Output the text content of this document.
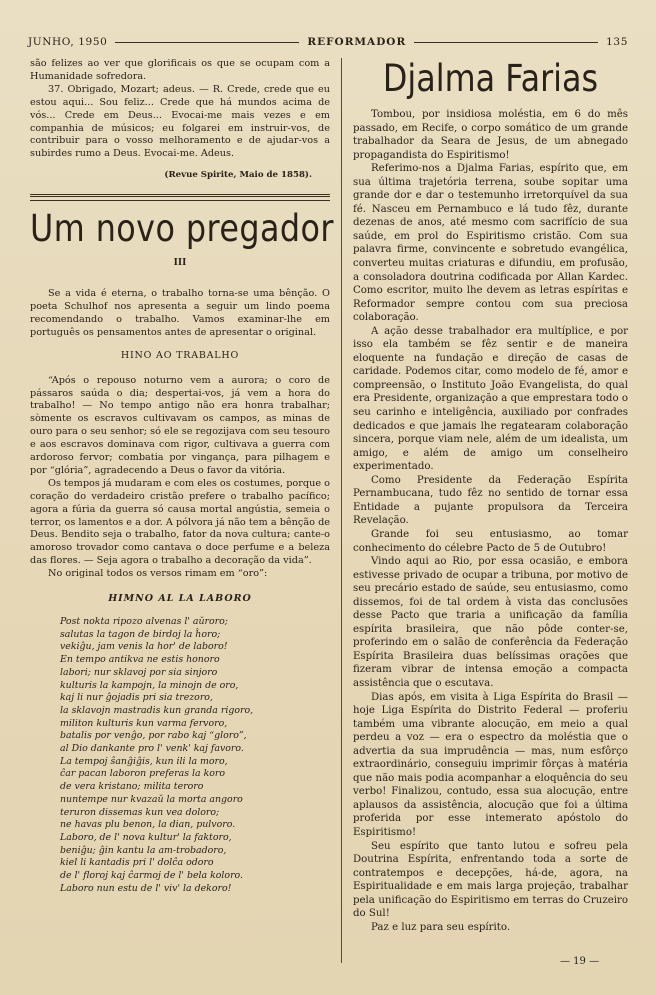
JUNHO, 1950	REFORMADOR	135

são felizes ao ver que glorificais os que se ocupam com a Humanidade sofredora.

37. Obrigado, Mozart; adeus. — R. Crede, crede que eu estou aqui... Sou feliz... Crede que há mundos acima de vós... Crede em Deus... Evocai-me mais vezes e em companhia de músicos; eu folgarei em instruir-vos, de contribuir para o vosso melhoramento e de ajudar-vos a subirdes rumo a Deus. Evocai-me. Adeus.

(Revue Spirite, Maio de 1858).
Um novo pregador
III

Se a vida é eterna, o trabalho torna-se uma bênção. O poeta Schulhof nos apresenta a seguir um lindo poema recomendando o trabalho. Vamos examinar-lhe em português os pensamentos antes de apresentar o original.

HINO AO TRABALHO

“Após o repouso noturno vem a aurora; o coro de pássaros saúda o dia; despertai-vos, já vem a hora do trabalho! — No tempo antigo não era honra trabalhar; sòmente os escravos cultivavam os campos, as minas de ouro para o seu senhor; só ele se regozijava com seu tesouro e aos escravos dominava com rigor, cultivava a guerra com ardoroso fervor; combatia por vingança, para pilhagem e por “glória”, agradecendo a Deus o favor da vitória.

Os tempos já mudaram e com eles os costumes, porque o coração do verdadeiro cristão prefere o trabalho pacífico; agora a fúria da guerra só causa mortal angústia, semeia o terror, os lamentos e a dor. A pólvora já não tem a bênção de Deus. Bendito seja o trabalho, fator da nova cultura; cante-o amoroso trovador como cantava o doce perfume e a beleza das flores. — Seja agora o trabalho a decoração da vida”.

No original todos os versos rimam em “oro”:

HIMNO AL LA LABORO
Post nokta ripozo alvenas l' aŭroro;
salutas la tagon de birdoj la ĥoro;
vekiĝu, jam venis la hor' de laboro!
En tempo antikva ne estis honoro
labori; nur sklavoj por sia sinjoro
kulturis la kampojn, la minojn de oro,
kaj li nur ĝojadis pri sia trezoro,
la sklavojn mastradis kun granda rigoro,
militon kulturis kun varma fervoro,
batalis por venĝo, por rabo kaj “gloro”,
al Dio dankante pro l' venk' kaj favoro.
La tempoj ŝanĝiĝis, kun ili la moro,
ĉar pacan laboron preferas la koro
de vera kristano; milita teroro
nuntempe nur kvazaŭ la morta angoro
teruron dissemas kun vea doloro;
ne havas plu benon, la dian, pulvoro.
Laboro, de l' nova kultur' la faktoro,
beniĝu; ĝin kantu la am-trobadoro,
kiel li kantadis pri l' dolĉa odoro
de l' floroj kaj ĉarmoj de l' bela koloro.
Laboro nun estu de l' viv' la dekoro!
Djalma Farias

Tombou, por insidiosa moléstia, em 6 do mês passado, em Recife, o corpo somático de um grande trabalhador da Seara de Jesus, de um abnegado propagandista do Espiritismo!

Referimo-nos a Djalma Farias, espírito que, em sua última trajetória terrena, soube sopitar uma grande dor e dar o testemunho irretorquível da sua fé. Nasceu em Pernambuco e lá tudo fêz, durante dezenas de anos, até mesmo com sacrifício de sua saúde, em prol do Espiritismo cristão. Com sua palavra firme, convincente e sobretudo evangélica, converteu muitas criaturas e difundiu, em profusão, a consoladora doutrina codificada por Allan Kardec. Como escritor, muito lhe devem as letras espíritas e Reformador sempre contou com sua preciosa colaboração.

A ação desse trabalhador era multíplice, e por isso ela também se fêz sentir e de maneira eloquente na fundação e direção de casas de caridade. Podemos citar, como modelo de fé, amor e compreensão, o Instituto João Evangelista, do qual era Presidente, organização a que emprestara todo o seu carinho e inteligência, auxiliado por confrades dedicados e que jamais lhe regatearam colaboração sincera, porque viam nele, além de um idealista, um amigo, e além de amigo um conselheiro experimentado.

Como Presidente da Federação Espírita Pernambucana, tudo fêz no sentido de tornar essa Entidade a pujante propulsora da Terceira Revelação.

Grande foi seu entusiasmo, ao tomar conhecimento do célebre Pacto de 5 de Outubro!

Vindo aqui ao Rio, por essa ocasião, e embora estivesse privado de ocupar a tribuna, por motivo de seu precário estado de saúde, seu entusiasmo, como dissemos, foi de tal ordem à vista das conclusões desse Pacto que traria a unificação da família espírita brasileira, que não pôde conter-se, proferindo em o salão de conferência da Federação Espírita Brasileira duas belíssimas orações que fizeram vibrar de intensa emoção a compacta assistência que o escutava.

Dias após, em visita à Liga Espírita do Brasil — hoje Liga Espírita do Distrito Federal — proferiu também uma vibrante alocução, em meio a qual perdeu a voz — era o espectro da moléstia que o advertia da sua imprudência — mas, num esfôrço extraordinário, conseguiu imprimir fôrças à matéria que não mais podia acompanhar a eloquência do seu verbo! Finalizou, contudo, essa sua alocução, entre aplausos da assistência, alocução que foi a última proferida por esse intemerato apóstolo do Espiritismo!

Seu espírito que tanto lutou e sofreu pela Doutrina Espírita, enfrentando toda a sorte de contratempos e decepções, há-de, agora, na Espiritualidade e em mais larga projeção, trabalhar pela unificação do Espiritismo em terras do Cruzeiro do Sul!

Paz e luz para seu espírito.

— 19 —
